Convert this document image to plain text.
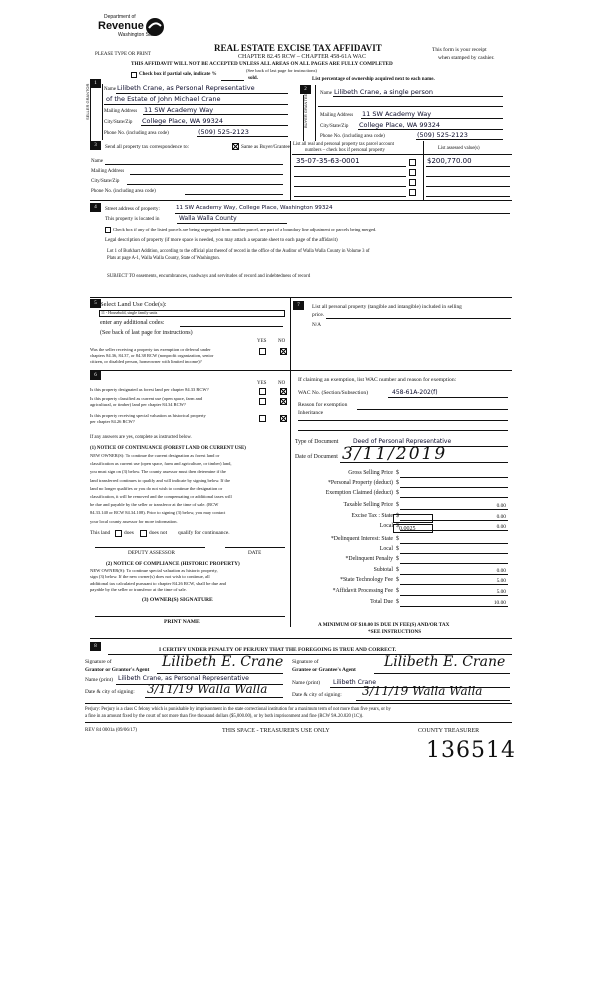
Department of
Revenue
Washington State
PLEASE TYPE OR PRINT
REAL ESTATE EXCISE TAX AFFIDAVIT
CHAPTER 82.45 RCW – CHAPTER 458-61A WAC
THIS AFFIDAVIT WILL NOT BE ACCEPTED UNLESS ALL AREAS ON ALL PAGES ARE FULLY COMPLETED
This form is your receipt
when stamped by cashier.
Check box if partial sale, indicate %
sold.
(See back of last page for instructions)
List percentage of ownership acquired next to each name.
1
SELLER GRANTOR	Name Lilibeth Crane, as Personal Representative
of the Estate of John Michael Crane
Mailing Address 11 SW Academy Way
City/State/Zip College Place, WA 99324
Phone No. (including area code)	(509) 525-2123
2
BUYER GRANTEE
Name Lilibeth Crane, a single person
Mailing Address 11 SW Academy Way
City/State/Zip College Place, WA 99324
Phone No. (including area code)	(509) 525-2123
3	Send all property tax correspondence to:	Same as Buyer/Grantee
Name
Mailing Address
City/State/Zip
Phone No. (including area code)
List all real and personal property tax parcel account
numbers – check box if personal property	List assessed value(s)
35-07-35-63-0001	$200,770.00
4	Street address of property:	11 SW Academy Way, College Place, Washington 99324
This property is located in	Walla Walla County
Check box if any of the listed parcels are being segregated from another parcel, are part of a boundary line adjustment or parcels being merged.
Legal description of property (if more space is needed, you may attach a separate sheet to each page of the affidavit)
Lot 1 of Burkhart Addition, according to the official plat thereof of record in the office of the Auditor of Walla Walla County in Volume 3 of
Plats at page A-1, Walla Walla County, State of Washington.
SUBJECT TO easements, encumbrances, roadways and servitudes of record and indebtedness of record
5 Select Land Use Code(s):
11 - Household, single family units
enter any additional codes:
(See back of last page for instructions)
YES NO
Was the seller receiving a property tax exemption or deferral under
chapters 84.36, 84.37, or 84.38 RCW (nonprofit organization, senior
citizen, or disabled person, homeowner with limited income)?
7	List all personal property (tangible and intangible) included in selling
price.
N/A
6
YES NO
Is this property designated as forest land per chapter 84.33 RCW?
Is this property classified as current use (open space, farm and
agricultural, or timber) land per chapter 84.34 RCW?
Is this property receiving special valuation as historical property
per chapter 84.26 RCW?
If any answers are yes, complete as instructed below.
(1) NOTICE OF CONTINUANCE (FOREST LAND OR CURRENT USE)
NEW OWNER(S): To continue the current designation as forest land or
classification as current use (open space, farm and agriculture, or timber) land,
you must sign on (3) below. The county assessor must then determine if the
land transferred continues to qualify and will indicate by signing below. If the
land no longer qualifies or you do not wish to continue the designation or
classification, it will be removed and the compensating or additional taxes will
be due and payable by the seller or transferor at the time of sale. (RCW
84.33.140 or RCW 84.34.108). Prior to signing (3) below, you may contact
your local county assessor for more information.
This land	does	does not qualify for continuance.
DEPUTY ASSESSOR	DATE
(2) NOTICE OF COMPLIANCE (HISTORIC PROPERTY)
NEW OWNER(S): To continue special valuation as historic property,
sign (3) below. If the new owner(s) does not wish to continue, all
additional tax calculated pursuant to chapter 84.26 RCW, shall be due and
payable by the seller or transferor at the time of sale.
(3) OWNER(S) SIGNATURE
PRINT NAME
If claiming an exemption, list WAC number and reason for exemption:
WAC No. (Section/Subsection)	458-61A-202(f)
Reason for exemption
Inheritance
Type of Document Deed of Personal Representative
Date of Document 3/11/2019
Gross Selling Price $
*Personal Property (deduct) $
Exemption Claimed (deduct) $
Taxable Selling Price $	0.00
Excise Tax : State $	0.00
Local $	0.00
*Delinquent Interest: State $
Local $
*Delinquent Penalty $
Subtotal $	0.00
*State Technology Fee $	5.00
*Affidavit Processing Fee $	5.00
Total Due $	10.00
0.0025
A MINIMUM OF $10.00 IS DUE IN FEE(S) AND/OR TAX
*SEE INSTRUCTIONS
8
I CERTIFY UNDER PENALTY OF PERJURY THAT THE FOREGOING IS TRUE AND CORRECT.
Signature of
Grantor or Grantor's Agent Lilibeth E. Crane Signature of
Grantee or Grantee's Agent Lilibeth E. Crane
Name (print) Lilibeth Crane, as Personal Representative
Name (print) Lilibeth Crane
Date & city of signing: 3/11/19 Walla Walla	Date & city of signing: 3/11/19 Walla Walla
Perjury: Perjury is a class C felony which is punishable by imprisonment in the state correctional institution for a maximum term of not more than five years, or by
a fine in an amount fixed by the court of not more than five thousand dollars ($5,000.00), or by both imprisonment and fine (RCW 9A.20.020 (1C)).
REV 84 0001a (09/06/17)	THIS SPACE - TREASURER'S USE ONLY	COUNTY TREASURER
136514
